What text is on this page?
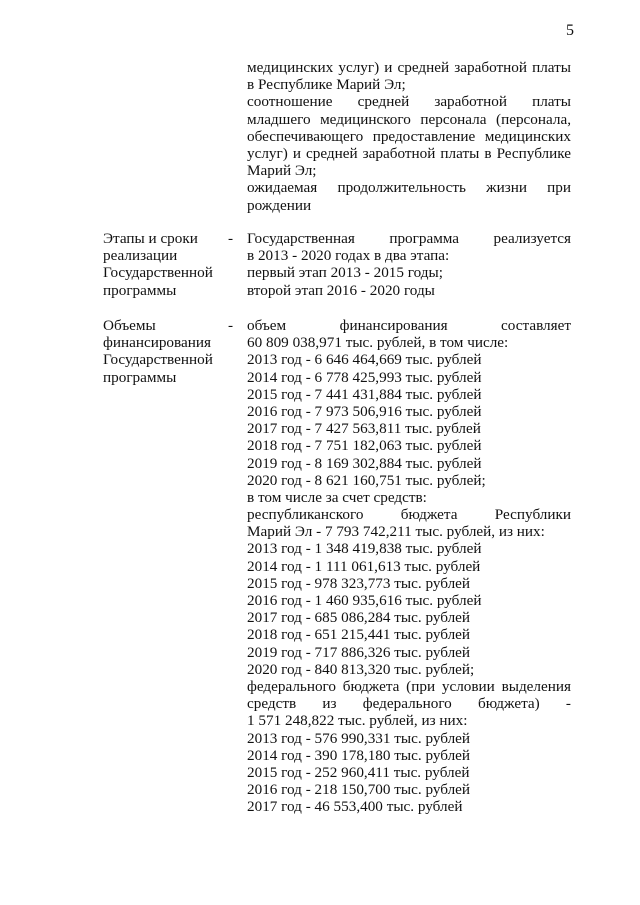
5
медицинских услуг) и средней заработной платы
в Республике Марий Эл;
соотношение средней заработной платы
младшего медицинского персонала (персонала,
обеспечивающего предоставление медицинских
услуг) и средней заработной платы в Республике
Марий Эл;
ожидаемая продолжительность жизни при
рождении
Этапы и сроки
реализации
Государственной
программы
- Государственная программа реализуется
в 2013 - 2020 годах в два этапа:
первый этап 2013 - 2015 годы;
второй этап 2016 - 2020 годы
Объемы
финансирования
Государственной
программы
- объем финансирования составляет
60 809 038,971 тыс. рублей, в том числе:
2013 год - 6 646 464,669 тыс. рублей
2014 год - 6 778 425,993 тыс. рублей
2015 год - 7 441 431,884 тыс. рублей
2016 год - 7 973 506,916 тыс. рублей
2017 год - 7 427 563,811 тыс. рублей
2018 год - 7 751 182,063 тыс. рублей
2019 год - 8 169 302,884 тыс. рублей
2020 год - 8 621 160,751 тыс. рублей;
в том числе за счет средств:
республиканского бюджета Республики
Марий Эл - 7 793 742,211 тыс. рублей, из них:
2013 год - 1 348 419,838 тыс. рублей
2014 год - 1 111 061,613 тыс. рублей
2015 год - 978 323,773 тыс. рублей
2016 год - 1 460 935,616 тыс. рублей
2017 год - 685 086,284 тыс. рублей
2018 год - 651 215,441 тыс. рублей
2019 год - 717 886,326 тыс. рублей
2020 год - 840 813,320 тыс. рублей;
федерального бюджета (при условии выделения
средств из федерального бюджета) -
1 571 248,822 тыс. рублей, из них:
2013 год - 576 990,331 тыс. рублей
2014 год - 390 178,180 тыс. рублей
2015 год - 252 960,411 тыс. рублей
2016 год - 218 150,700 тыс. рублей
2017 год - 46 553,400 тыс. рублей
